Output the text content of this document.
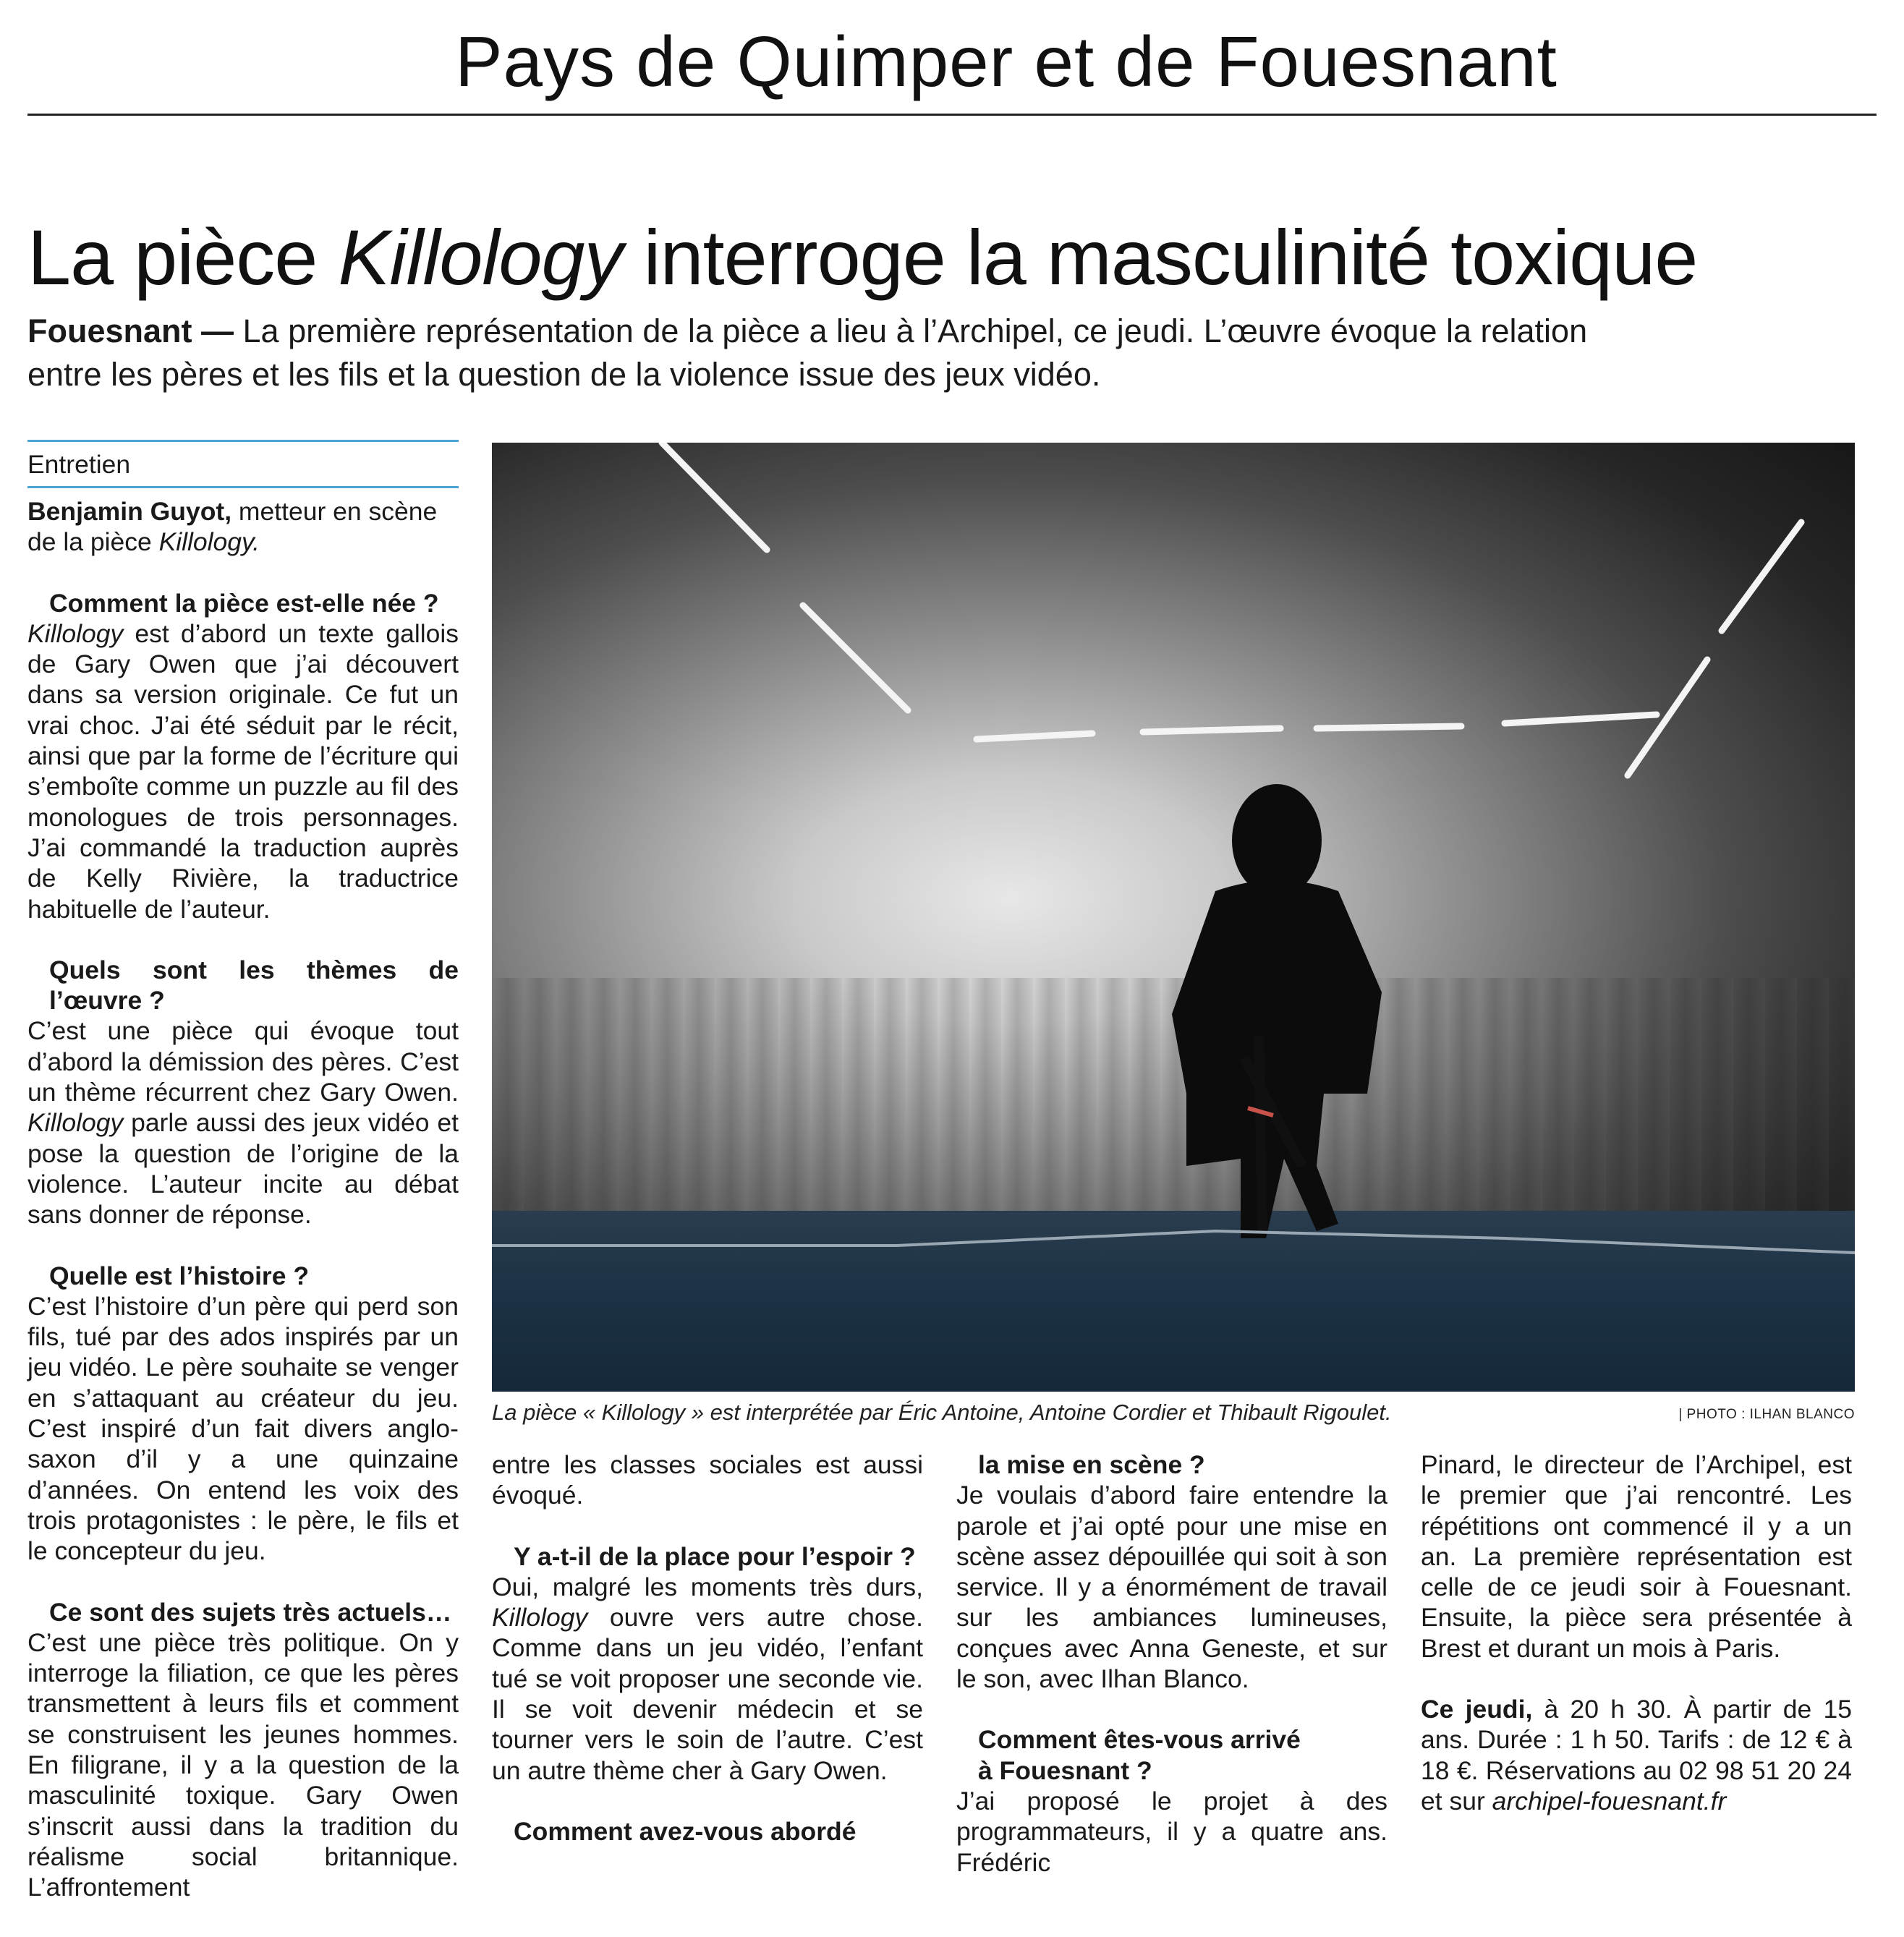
Pays de Quimper et de Fouesnant
La pièce Killology interroge la masculinité toxique
Fouesnant — La première représentation de la pièce a lieu à l’Archipel, ce jeudi. L’œuvre évoque la relation entre les pères et les fils et la question de la violence issue des jeux vidéo.
Entretien

Benjamin Guyot, metteur en scène de la pièce Killology.

Comment la pièce est-elle née ?

Killology est d’abord un texte gallois de Gary Owen que j’ai découvert dans sa version originale. Ce fut un vrai choc. J’ai été séduit par le récit, ainsi que par la forme de l’écriture qui s’emboîte comme un puzzle au fil des monologues de trois personnages. J’ai commandé la traduction auprès de Kelly Rivière, la traductrice habituelle de l’auteur.

Quels sont les thèmes de l’œuvre ?

C’est une pièce qui évoque tout d’abord la démission des pères. C’est un thème récurrent chez Gary Owen. Killology parle aussi des jeux vidéo et pose la question de l’origine de la violence. L’auteur incite au débat sans donner de réponse.

Quelle est l’histoire ?

C’est l’histoire d’un père qui perd son fils, tué par des ados inspirés par un jeu vidéo. Le père souhaite se venger en s’attaquant au créateur du jeu. C’est inspiré d’un fait divers anglo-saxon d’il y a une quinzaine d’années. On entend les voix des trois protagonistes : le père, le fils et le concepteur du jeu.

Ce sont des sujets très actuels…

C’est une pièce très politique. On y interroge la filiation, ce que les pères transmettent à leurs fils et comment se construisent les jeunes hommes. En filigrane, il y a la question de la masculinité toxique. Gary Owen s’inscrit aussi dans la tradition du réalisme social britannique. L’affrontement

La pièce « Killology » est interprétée par Éric Antoine, Antoine Cordier et Thibault Rigoulet.	| PHOTO : ILHAN BLANCO

entre les classes sociales est aussi évoqué.

Y a-t-il de la place pour l’espoir ?

Oui, malgré les moments très durs, Killology ouvre vers autre chose. Comme dans un jeu vidéo, l’enfant tué se voit proposer une seconde vie. Il se voit devenir médecin et se tourner vers le soin de l’autre. C’est un autre thème cher à Gary Owen.

Comment avez-vous abordé

la mise en scène ?

Je voulais d’abord faire entendre la parole et j’ai opté pour une mise en scène assez dépouillée qui soit à son service. Il y a énormément de travail sur les ambiances lumineuses, conçues avec Anna Geneste, et sur le son, avec Ilhan Blanco.

Comment êtes-vous arrivé

à Fouesnant ?

J’ai proposé le projet à des programmateurs, il y a quatre ans. Frédéric

Pinard, le directeur de l’Archipel, est le premier que j’ai rencontré. Les répétitions ont commencé il y a un an. La première représentation est celle de ce jeudi soir à Fouesnant. Ensuite, la pièce sera présentée à Brest et durant un mois à Paris.

Ce jeudi, à 20 h 30. À partir de 15 ans. Durée : 1 h 50. Tarifs : de 12 € à 18 €. Réservations au 02 98 51 20 24 et sur archipel-fouesnant.fr
